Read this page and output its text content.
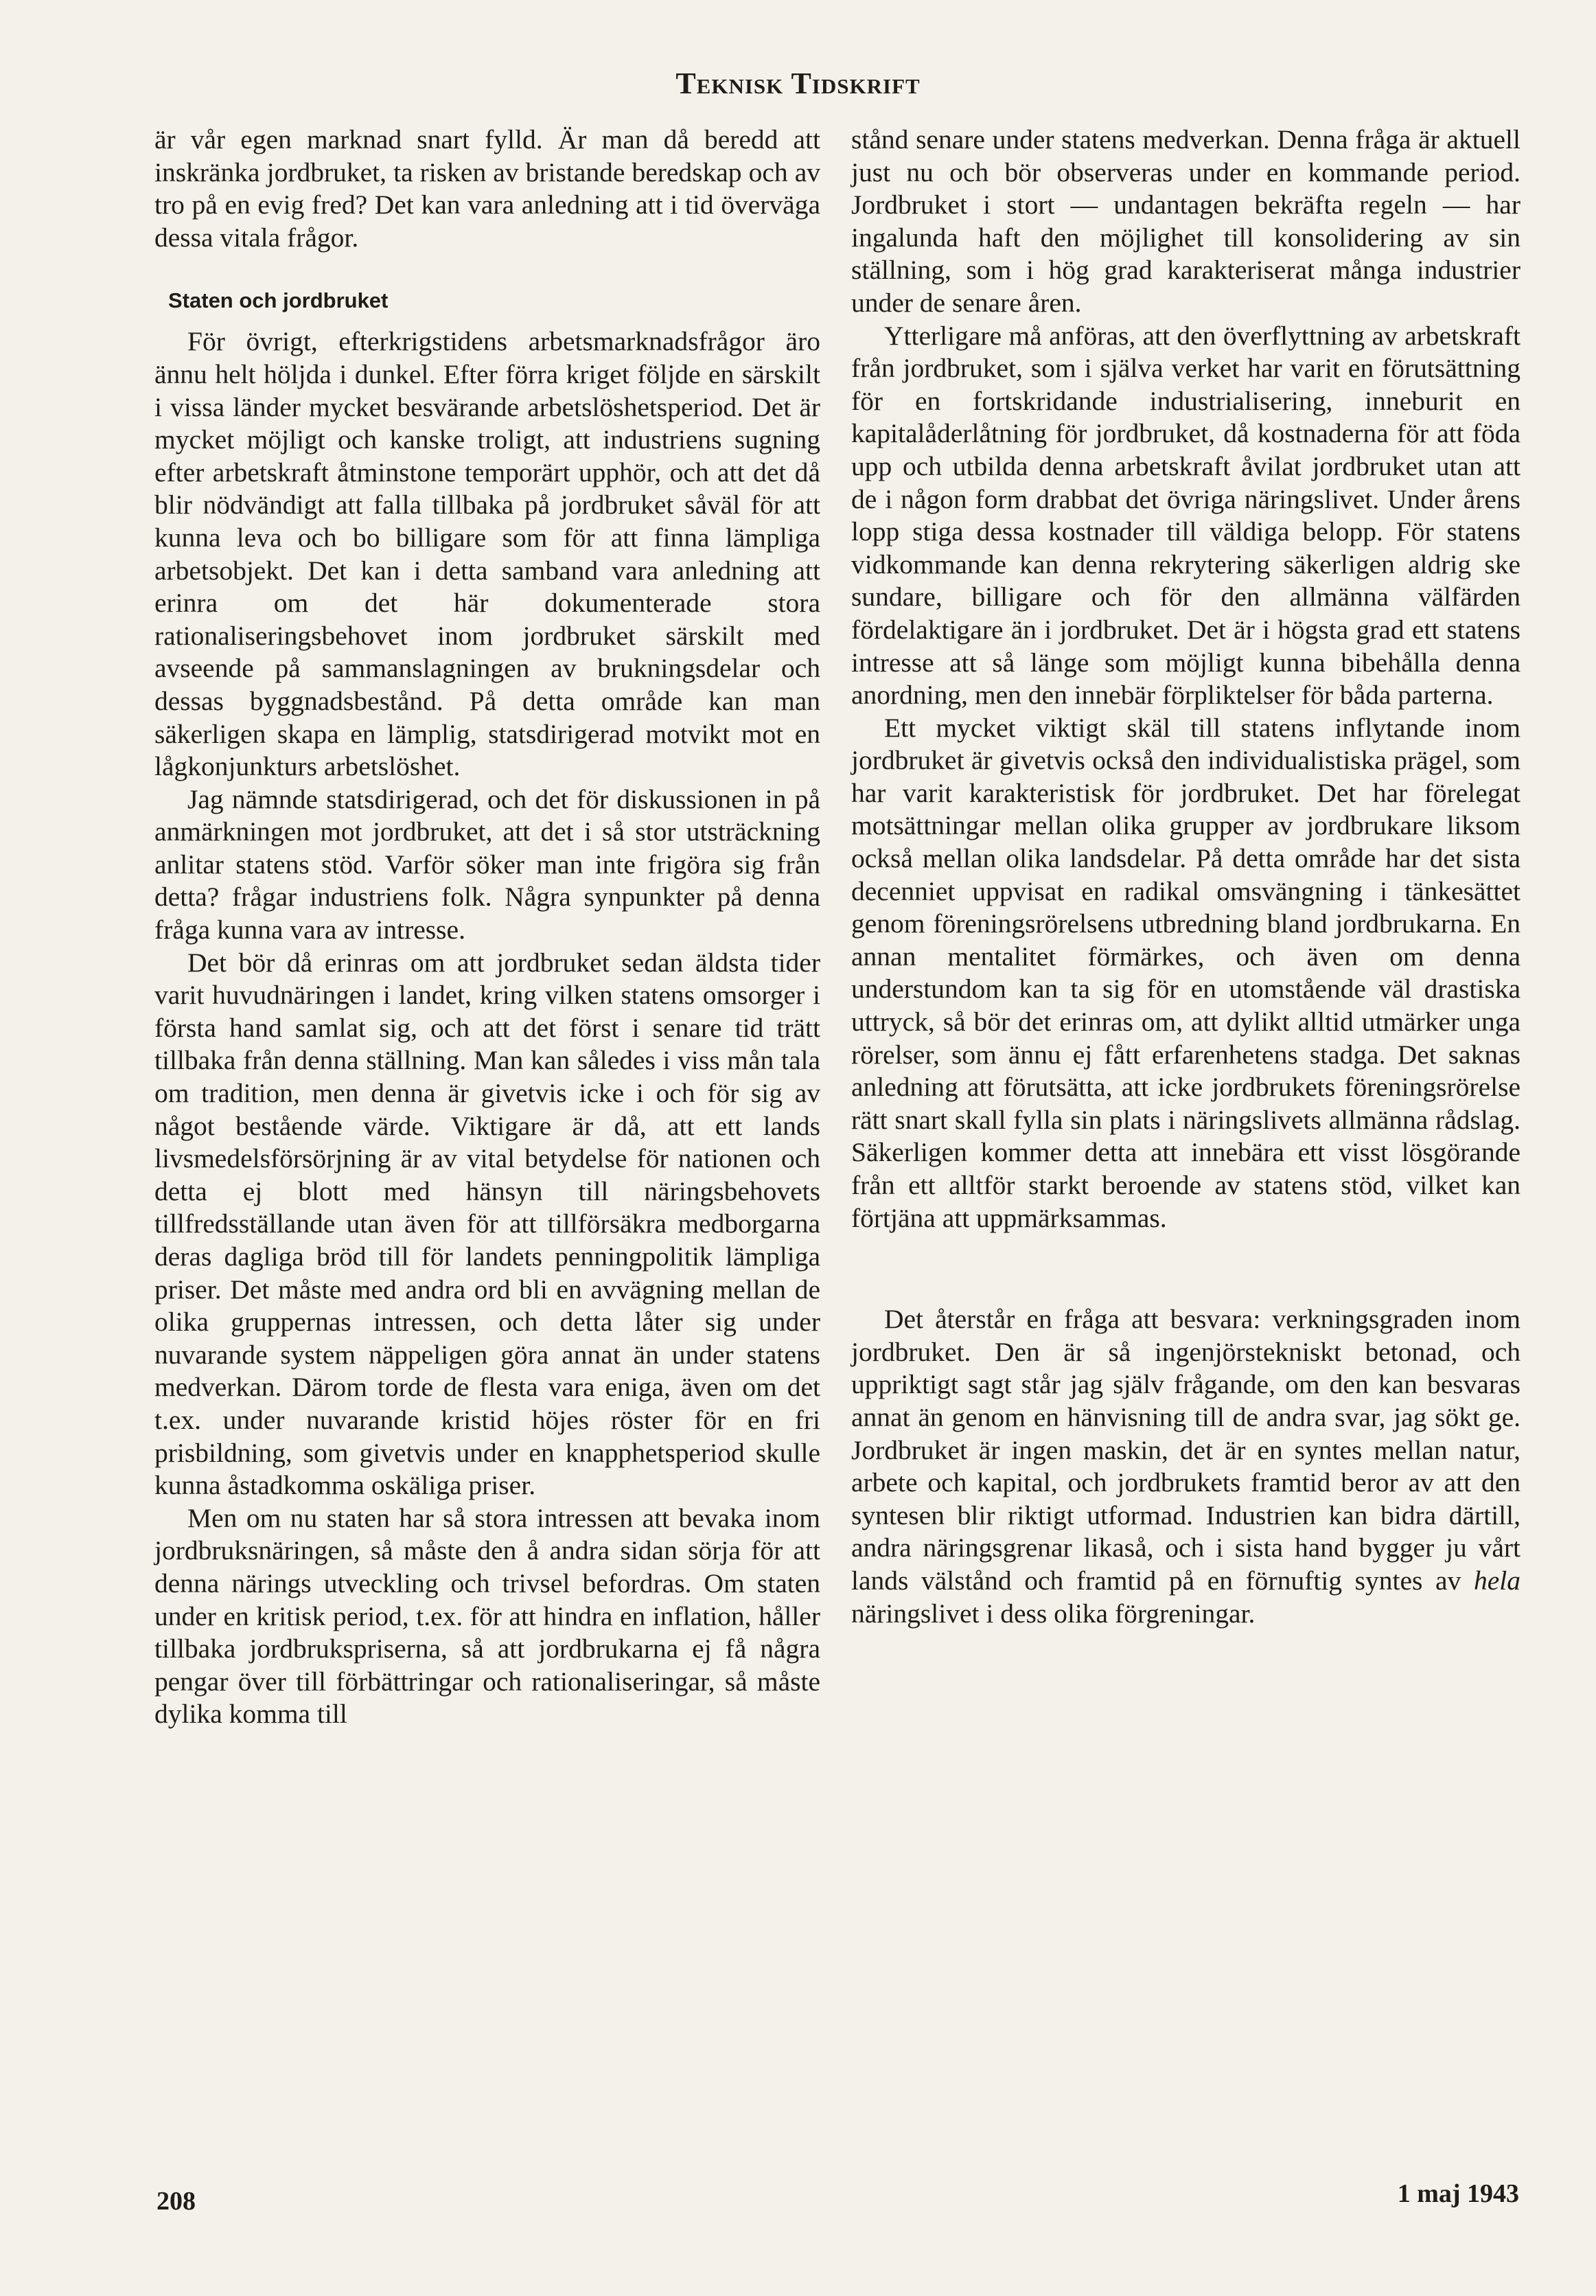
Teknisk Tidskrift

är vår egen marknad snart fylld. Är man då beredd att inskränka jordbruket, ta risken av bristande beredskap och av tro på en evig fred? Det kan vara anledning att i tid överväga dessa vitala frågor.

Staten och jordbruket

För övrigt, efterkrigstidens arbetsmarknadsfrågor äro ännu helt höljda i dunkel. Efter förra kriget följde en särskilt i vissa länder mycket besvärande arbetslöshetsperiod. Det är mycket möjligt och kanske troligt, att industriens sugning efter arbetskraft åtminstone temporärt upphör, och att det då blir nödvändigt att falla tillbaka på jordbruket såväl för att kunna leva och bo billigare som för att finna lämpliga arbetsobjekt. Det kan i detta samband vara anledning att erinra om det här dokumenterade stora rationaliseringsbehovet inom jordbruket särskilt med avseende på sammanslagningen av brukningsdelar och dessas byggnadsbestånd. På detta område kan man säkerligen skapa en lämplig, statsdirigerad motvikt mot en lågkonjunkturs arbetslöshet.

Jag nämnde statsdirigerad, och det för diskussionen in på anmärkningen mot jordbruket, att det i så stor utsträckning anlitar statens stöd. Varför söker man inte frigöra sig från detta? frågar industriens folk. Några synpunkter på denna fråga kunna vara av intresse.

Det bör då erinras om att jordbruket sedan äldsta tider varit huvudnäringen i landet, kring vilken statens omsorger i första hand samlat sig, och att det först i senare tid trätt tillbaka från denna ställning. Man kan således i viss mån tala om tradition, men denna är givetvis icke i och för sig av något bestående värde. Viktigare är då, att ett lands livsmedelsförsörjning är av vital betydelse för nationen och detta ej blott med hänsyn till näringsbehovets tillfredsställande utan även för att tillförsäkra medborgarna deras dagliga bröd till för landets penningpolitik lämpliga priser. Det måste med andra ord bli en avvägning mellan de olika gruppernas intressen, och detta låter sig under nuvarande system näppeligen göra annat än under statens medverkan. Därom torde de flesta vara eniga, även om det t.ex. under nuvarande kristid höjes röster för en fri prisbildning, som givetvis under en knapphetsperiod skulle kunna åstadkomma oskäliga priser.

Men om nu staten har så stora intressen att bevaka inom jordbruksnäringen, så måste den å andra sidan sörja för att denna närings utveckling och trivsel befordras. Om staten under en kritisk period, t.ex. för att hindra en inflation, håller tillbaka jordbrukspriserna, så att jordbrukarna ej få några pengar över till förbättringar och rationaliseringar, så måste dylika komma till

stånd senare under statens medverkan. Denna fråga är aktuell just nu och bör observeras under en kommande period. Jordbruket i stort — undantagen bekräfta regeln — har ingalunda haft den möjlighet till konsolidering av sin ställning, som i hög grad karakteriserat många industrier under de senare åren.

Ytterligare må anföras, att den överflyttning av arbetskraft från jordbruket, som i själva verket har varit en förutsättning för en fortskridande industrialisering, inneburit en kapitalåderlåtning för jordbruket, då kostnaderna för att föda upp och utbilda denna arbetskraft åvilat jordbruket utan att de i någon form drabbat det övriga näringslivet. Under årens lopp stiga dessa kostnader till väldiga belopp. För statens vidkommande kan denna rekrytering säkerligen aldrig ske sundare, billigare och för den allmänna välfärden fördelaktigare än i jordbruket. Det är i högsta grad ett statens intresse att så länge som möjligt kunna bibehålla denna anordning, men den innebär förpliktelser för båda parterna.

Ett mycket viktigt skäl till statens inflytande inom jordbruket är givetvis också den individualistiska prägel, som har varit karakteristisk för jordbruket. Det har förelegat motsättningar mellan olika grupper av jordbrukare liksom också mellan olika landsdelar. På detta område har det sista decenniet uppvisat en radikal omsvängning i tänkesättet genom föreningsrörelsens utbredning bland jordbrukarna. En annan mentalitet förmärkes, och även om denna understundom kan ta sig för en utomstående väl drastiska uttryck, så bör det erinras om, att dylikt alltid utmärker unga rörelser, som ännu ej fått erfarenhetens stadga. Det saknas anledning att förutsätta, att icke jordbrukets föreningsrörelse rätt snart skall fylla sin plats i näringslivets allmänna rådslag. Säkerligen kommer detta att innebära ett visst lösgörande från ett alltför starkt beroende av statens stöd, vilket kan förtjäna att uppmärksammas.

Det återstår en fråga att besvara: verkningsgraden inom jordbruket. Den är så ingenjörstekniskt betonad, och uppriktigt sagt står jag själv frågande, om den kan besvaras annat än genom en hänvisning till de andra svar, jag sökt ge. Jordbruket är ingen maskin, det är en syntes mellan natur, arbete och kapital, och jordbrukets framtid beror av att den syntesen blir riktigt utformad. Industrien kan bidra därtill, andra näringsgrenar likaså, och i sista hand bygger ju vårt lands välstånd och framtid på en förnuftig syntes av hela näringslivet i dess olika förgreningar.

208	1 maj 1943
